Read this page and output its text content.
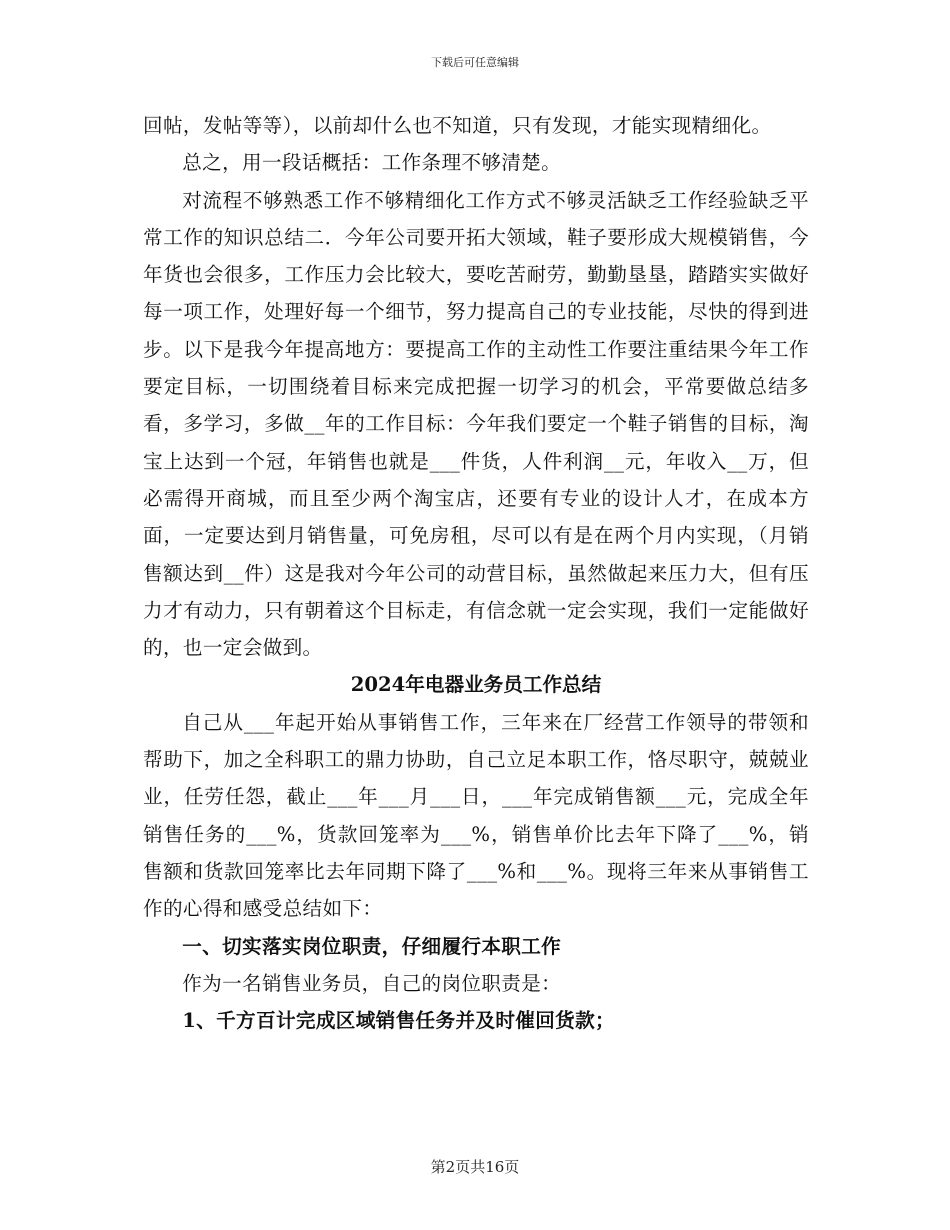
下载后可任意编辑

回帖，发帖等等），以前却什么也不知道，只有发现，才能实现精细化。

总之，用一段话概括：工作条理不够清楚。

对流程不够熟悉工作不够精细化工作方式不够灵活缺乏工作经验缺乏平常工作的知识总结二．今年公司要开拓大领域，鞋子要形成大规模销售，今年货也会很多，工作压力会比较大，要吃苦耐劳，勤勤垦垦，踏踏实实做好每一项工作，处理好每一个细节，努力提高自己的专业技能，尽快的得到进步。以下是我今年提高地方：要提高工作的主动性工作要注重结果今年工作要定目标，一切围绕着目标来完成把握一切学习的机会，平常要做总结多看，多学习，多做__年的工作目标：今年我们要定一个鞋子销售的目标，淘宝上达到一个冠，年销售也就是___件货，人件利润__元，年收入__万，但必需得开商城，而且至少两个淘宝店，还要有专业的设计人才，在成本方面，一定要达到月销售量，可免房租，尽可以有是在两个月内实现，（月销售额达到__件）这是我对今年公司的动营目标，虽然做起来压力大，但有压力才有动力，只有朝着这个目标走，有信念就一定会实现，我们一定能做好的，也一定会做到。

2024年电器业务员工作总结

自己从___年起开始从事销售工作，三年来在厂经营工作领导的带领和帮助下，加之全科职工的鼎力协助，自己立足本职工作，恪尽职守，兢兢业业，任劳任怨，截止___年___月___日，___年完成销售额___元，完成全年销售任务的___%，货款回笼率为___%，销售单价比去年下降了___%，销售额和货款回笼率比去年同期下降了___%和___%。现将三年来从事销售工作的心得和感受总结如下：

一、切实落实岗位职责，仔细履行本职工作

作为一名销售业务员，自己的岗位职责是：

1、千方百计完成区域销售任务并及时催回货款；

第2页共16页
